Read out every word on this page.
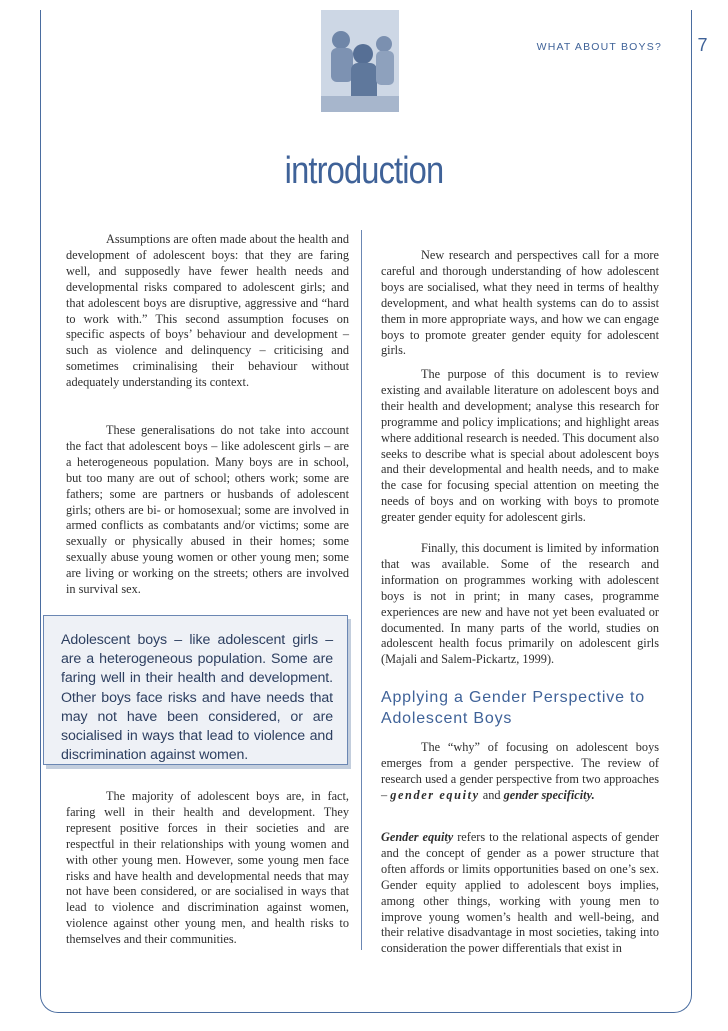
WHAT ABOUT BOYS?	7
introduction

Assumptions are often made about the health and development of adolescent boys: that they are faring well, and supposedly have fewer health needs and developmental risks compared to adolescent girls; and that adolescent boys are disruptive, aggressive and “hard to work with.” This second assumption focuses on specific aspects of boys’ behaviour and development – such as violence and delinquency – criticising and sometimes criminalising their behaviour without adequately understanding its context.

These generalisations do not take into account the fact that adolescent boys – like adolescent girls – are a heterogeneous population. Many boys are in school, but too many are out of school; others work; some are fathers; some are partners or husbands of adolescent girls; others are bi- or homosexual; some are involved in armed conflicts as combatants and/or victims; some are sexually or physically abused in their homes; some sexually abuse young women or other young men; some are living or working on the streets; others are involved in survival sex.

Adolescent boys – like adolescent girls – are a heterogeneous population. Some are faring well in their health and development. Other boys face risks and have needs that may not have been considered, or are socialised in ways that lead to violence and discrimination against women.

The majority of adolescent boys are, in fact, faring well in their health and development. They represent positive forces in their societies and are respectful in their relationships with young women and with other young men. However, some young men face risks and have health and developmental needs that may not have been considered, or are socialised in ways that lead to violence and discrimination against women, violence against other young men, and health risks to themselves and their communities.

New research and perspectives call for a more careful and thorough understanding of how adolescent boys are socialised, what they need in terms of healthy development, and what health systems can do to assist them in more appropriate ways, and how we can engage boys to promote greater gender equity for adolescent girls.

The purpose of this document is to review existing and available literature on adolescent boys and their health and development; analyse this research for programme and policy implications; and highlight areas where additional research is needed. This document also seeks to describe what is special about adolescent boys and their developmental and health needs, and to make the case for focusing special attention on meeting the needs of boys and on working with boys to promote greater gender equity for adolescent girls.

Finally, this document is limited by information that was available. Some of the research and information on programmes working with adolescent boys is not in print; in many cases, programme experiences are new and have not yet been evaluated or documented. In many parts of the world, studies on adolescent health focus primarily on adolescent girls (Majali and Salem-Pickartz, 1999).

Applying a Gender Perspective to Adolescent Boys

The “why” of focusing on adolescent boys emerges from a gender perspective. The review of research used a gender perspective from two approaches – gender equity and gender specificity.

Gender equity refers to the relational aspects of gender and the concept of gender as a power structure that often affords or limits opportunities based on one’s sex. Gender equity applied to adolescent boys implies, among other things, working with young men to improve young women’s health and well-being, and their relative disadvantage in most societies, taking into consideration the power differentials that exist in
